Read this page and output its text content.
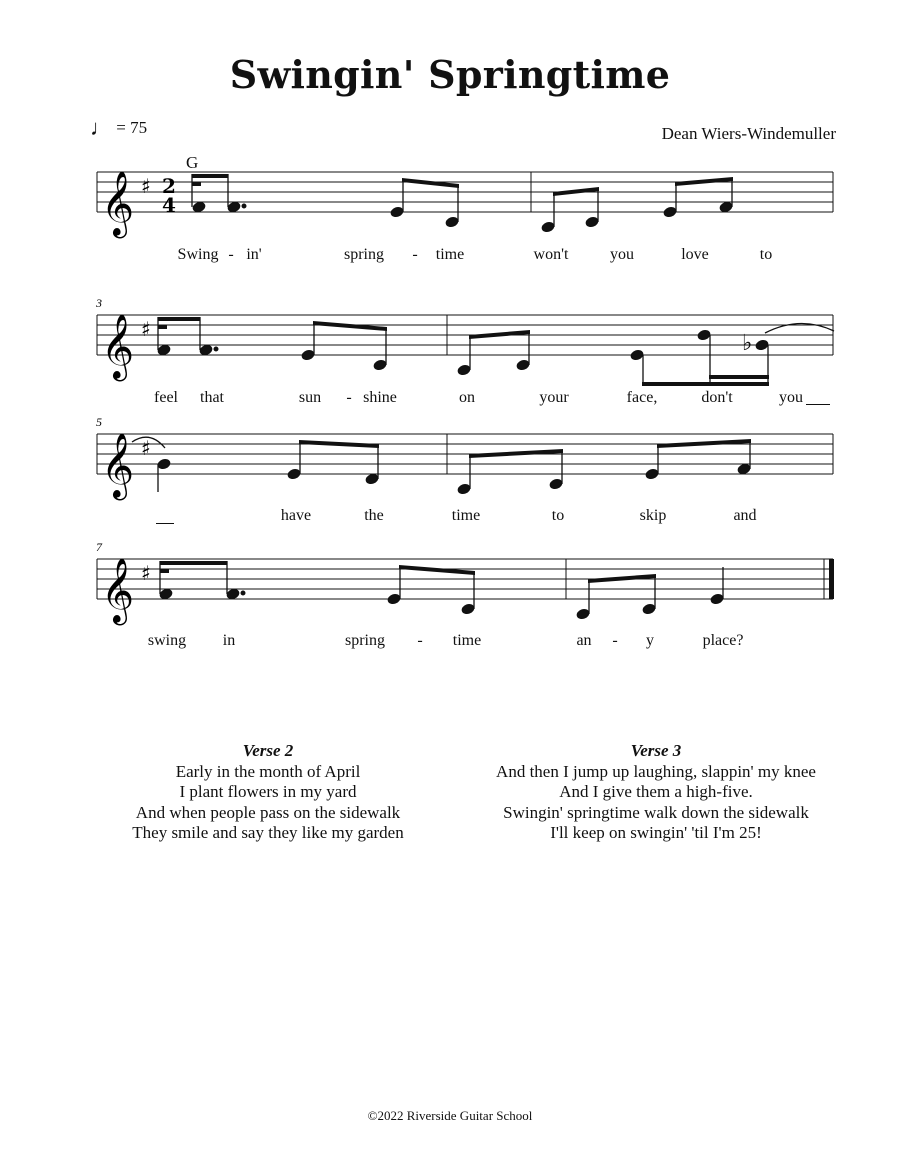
Swingin' Springtime
♩ = 75	Dean Wiers-Windemuller
G
𝄞 ♯ 2
4
3
𝄞 ♯
♭
5
𝄞 ♯
7
𝄞 ♯
Swing - in'	spring - time	won't	you	love	to
feel that	sun - shine	on	your	face,	don't	you
have	the	time	to	skip	and
swing in	spring - time	an - y	place?
Verse 2
Early in the month of April
I plant flowers in my yard
And when people pass on the sidewalk
They smile and say they like my garden
Verse 3
And then I jump up laughing, slappin' my knee
And I give them a high-five.
Swingin' springtime walk down the sidewalk
I'll keep on swingin' 'til I'm 25!
©2022 Riverside Guitar School
